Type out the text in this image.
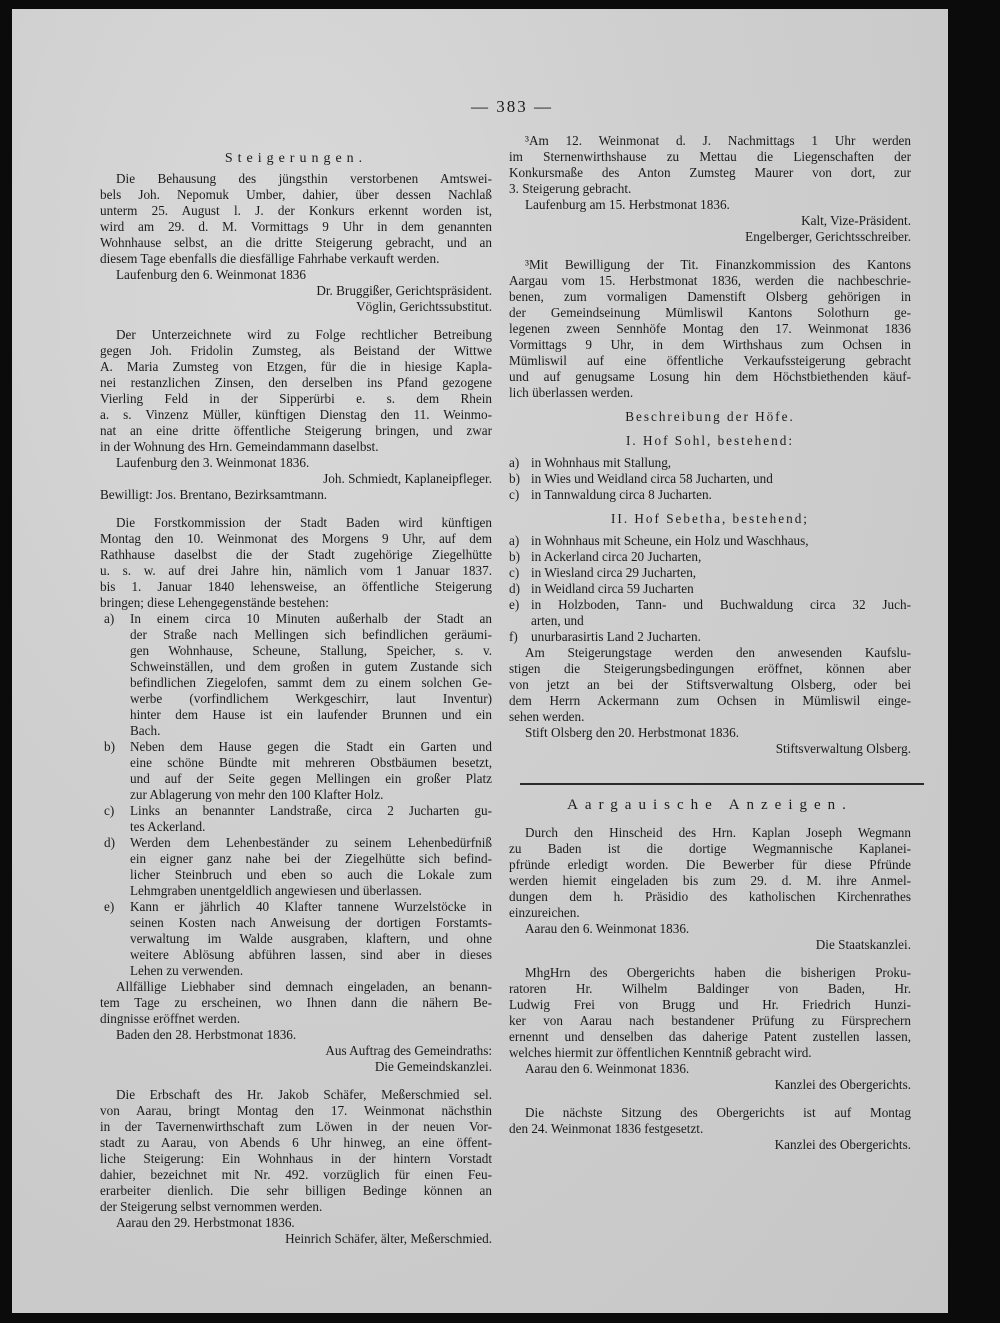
— 383 —
Steigerungen.
Die Behausung des jüngsthin verstorbenen Amtswei-
bels Joh. Nepomuk Umber, dahier, über dessen Nachlaß
unterm 25. August l. J. der Konkurs erkennt worden ist,
wird am 29. d. M. Vormittags 9 Uhr in dem genannten
Wohnhause selbst, an die dritte Steigerung gebracht, und an
diesem Tage ebenfalls die diesfällige Fahrhabe verkauft werden.
Laufenburg den 6. Weinmonat 1836
Dr. Bruggißer, Gerichtspräsident.
Vöglin, Gerichtssubstitut.
Der Unterzeichnete wird zu Folge rechtlicher Betreibung
gegen Joh. Fridolin Zumsteg, als Beistand der Wittwe
A. Maria Zumsteg von Etzgen, für die in hiesige Kapla-
nei restanzlichen Zinsen, den derselben ins Pfand gezogene
Vierling Feld in der Sipperürbi e. s. dem Rhein
a. s. Vinzenz Müller, künftigen Dienstag den 11. Weinmo-
nat an eine dritte öffentliche Steigerung bringen, und zwar
in der Wohnung des Hrn. Gemeindammann daselbst.
Laufenburg den 3. Weinmonat 1836.
Joh. Schmiedt, Kaplaneipfleger.
Bewilligt: Jos. Brentano, Bezirksamtmann.
Die Forstkommission der Stadt Baden wird künftigen
Montag den 10. Weinmonat des Morgens 9 Uhr, auf dem
Rathhause daselbst die der Stadt zugehörige Ziegelhütte
u. s. w. auf drei Jahre hin, nämlich vom 1 Januar 1837.
bis 1. Januar 1840 lehensweise, an öffentliche Steigerung
bringen; diese Lehengegenstände bestehen:
a)	In einem circa 10 Minuten außerhalb der Stadt an
der Straße nach Mellingen sich befindlichen geräumi-
gen Wohnhause, Scheune, Stallung, Speicher, s. v.
Schweinställen, und dem großen in gutem Zustande sich
befindlichen Ziegelofen, sammt dem zu einem solchen Ge-
werbe (vorfindlichem Werkgeschirr, laut Inventur)
hinter dem Hause ist ein laufender Brunnen und ein
Bach.
b)	Neben dem Hause gegen die Stadt ein Garten und
eine schöne Bündte mit mehreren Obstbäumen besetzt,
und auf der Seite gegen Mellingen ein großer Platz
zur Ablagerung von mehr den 100 Klafter Holz.
c)	Links an benannter Landstraße, circa 2 Jucharten gu-
tes Ackerland.
d)	Werden dem Lehenbeständer zu seinem Lehenbedürfniß
ein eigner ganz nahe bei der Ziegelhütte sich befind-
licher Steinbruch und eben so auch die Lokale zum
Lehmgraben unentgeldlich angewiesen und überlassen.
e)	Kann er jährlich 40 Klafter tannene Wurzelstöcke in
seinen Kosten nach Anweisung der dortigen Forstamts-
verwaltung im Walde ausgraben, klaftern, und ohne
weitere Ablösung abführen lassen, sind aber in dieses
Lehen zu verwenden.
Allfällige Liebhaber sind demnach eingeladen, an benann-
tem Tage zu erscheinen, wo Ihnen dann die nähern Be-
dingnisse eröffnet werden.
Baden den 28. Herbstmonat 1836.
Aus Auftrag des Gemeindraths:
Die Gemeindskanzlei.
Die Erbschaft des Hr. Jakob Schäfer, Meßerschmied sel.
von Aarau, bringt Montag den 17. Weinmonat nächsthin
in der Tavernenwirthschaft zum Löwen in der neuen Vor-
stadt zu Aarau, von Abends 6 Uhr hinweg, an eine öffent-
liche Steigerung: Ein Wohnhaus in der hintern Vorstadt
dahier, bezeichnet mit Nr. 492. vorzüglich für einen Feu-
erarbeiter dienlich. Die sehr billigen Bedinge können an
der Steigerung selbst vernommen werden.
Aarau den 29. Herbstmonat 1836.
Heinrich Schäfer, älter, Meßerschmied.
³Am 12. Weinmonat d. J. Nachmittags 1 Uhr werden
im Sternenwirthshause zu Mettau die Liegenschaften der
Konkursmaße des Anton Zumsteg Maurer von dort, zur
3. Steigerung gebracht.
Laufenburg am 15. Herbstmonat 1836.
Kalt, Vize-Präsident.
Engelberger, Gerichtsschreiber.
³Mit Bewilligung der Tit. Finanzkommission des Kantons
Aargau vom 15. Herbstmonat 1836, werden die nachbeschrie-
benen, zum vormaligen Damenstift Olsberg gehörigen in
der Gemeindseinung Mümliswil Kantons Solothurn ge-
legenen zween Sennhöfe Montag den 17. Weinmonat 1836
Vormittags 9 Uhr, in dem Wirthshaus zum Ochsen in
Mümliswil auf eine öffentliche Verkaufssteigerung gebracht
und auf genugsame Losung hin dem Höchstbiethenden käuf-
lich überlassen werden.
Beschreibung der Höfe.
I. Hof Sohl, bestehend:
a) in Wohnhaus mit Stallung,
b) in Wies und Weidland circa 58 Jucharten, und
c) in Tannwaldung circa 8 Jucharten.
II. Hof Sebetha, bestehend;
a) in Wohnhaus mit Scheune, ein Holz und Waschhaus,
b) in Ackerland circa 20 Jucharten,
c) in Wiesland circa 29 Jucharten,
d) in Weidland circa 59 Jucharten
e) in Holzboden, Tann- und Buchwaldung circa 32 Juch-
arten, und
f)	unurbarasirtis Land 2 Jucharten.
Am Steigerungstage werden den anwesenden Kaufslu-
stigen die Steigerungsbedingungen eröffnet, können aber
von jetzt an bei der Stiftsverwaltung Olsberg, oder bei
dem Herrn Ackermann zum Ochsen in Mümliswil einge-
sehen werden.
Stift Olsberg den 20. Herbstmonat 1836.
Stiftsverwaltung Olsberg.
Aargauische Anzeigen.
Durch den Hinscheid des Hrn. Kaplan Joseph Wegmann
zu Baden ist die dortige Wegmannische Kaplanei-
pfründe erledigt worden. Die Bewerber für diese Pfründe
werden hiemit eingeladen bis zum 29. d. M. ihre Anmel-
dungen dem h. Präsidio des katholischen Kirchenrathes
einzureichen.
Aarau den 6. Weinmonat 1836.
Die Staatskanzlei.
MhgHrn des Obergerichts haben die bisherigen Proku-
ratoren Hr. Wilhelm Baldinger von Baden, Hr.
Ludwig Frei von Brugg und Hr. Friedrich Hunzi-
ker von Aarau nach bestandener Prüfung zu Fürsprechern
ernennt und denselben das daherige Patent zustellen lassen,
welches hiermit zur öffentlichen Kenntniß gebracht wird.
Aarau den 6. Weinmonat 1836.
Kanzlei des Obergerichts.
Die nächste Sitzung des Obergerichts ist auf Montag
den 24. Weinmonat 1836 festgesetzt.
Kanzlei des Obergerichts.
